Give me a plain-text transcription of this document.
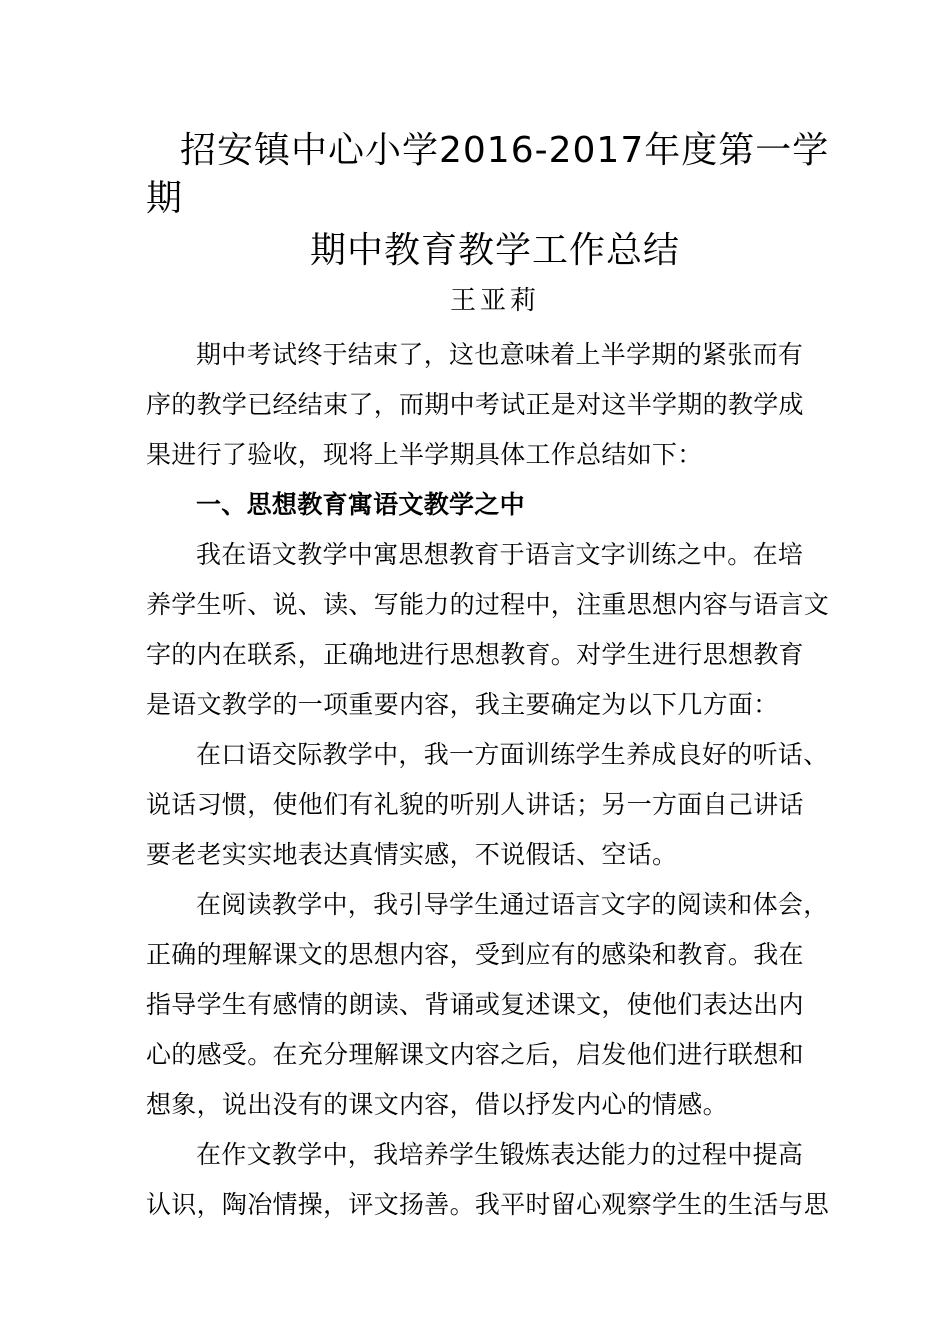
招安镇中心小学2016-2017年度第一学
期
期中教育教学工作总结
王亚莉
期中考试终于结束了，这也意味着上半学期的紧张而有
序的教学已经结束了，而期中考试正是对这半学期的教学成
果进行了验收，现将上半学期具体工作总结如下：
一、思想教育寓语文教学之中
我在语文教学中寓思想教育于语言文字训练之中。在培
养学生听、说、读、写能力的过程中，注重思想内容与语言文
字的内在联系，正确地进行思想教育。对学生进行思想教育
是语文教学的一项重要内容，我主要确定为以下几方面：
在口语交际教学中，我一方面训练学生养成良好的听话、
说话习惯，使他们有礼貌的听别人讲话；另一方面自己讲话
要老老实实地表达真情实感，不说假话、空话。
在阅读教学中，我引导学生通过语言文字的阅读和体会，
正确的理解课文的思想内容，受到应有的感染和教育。我在
指导学生有感情的朗读、背诵或复述课文，使他们表达出内
心的感受。在充分理解课文内容之后，启发他们进行联想和
想象，说出没有的课文内容，借以抒发内心的情感。
在作文教学中，我培养学生锻炼表达能力的过程中提高
认识，陶冶情操，评文扬善。我平时留心观察学生的生活与思
